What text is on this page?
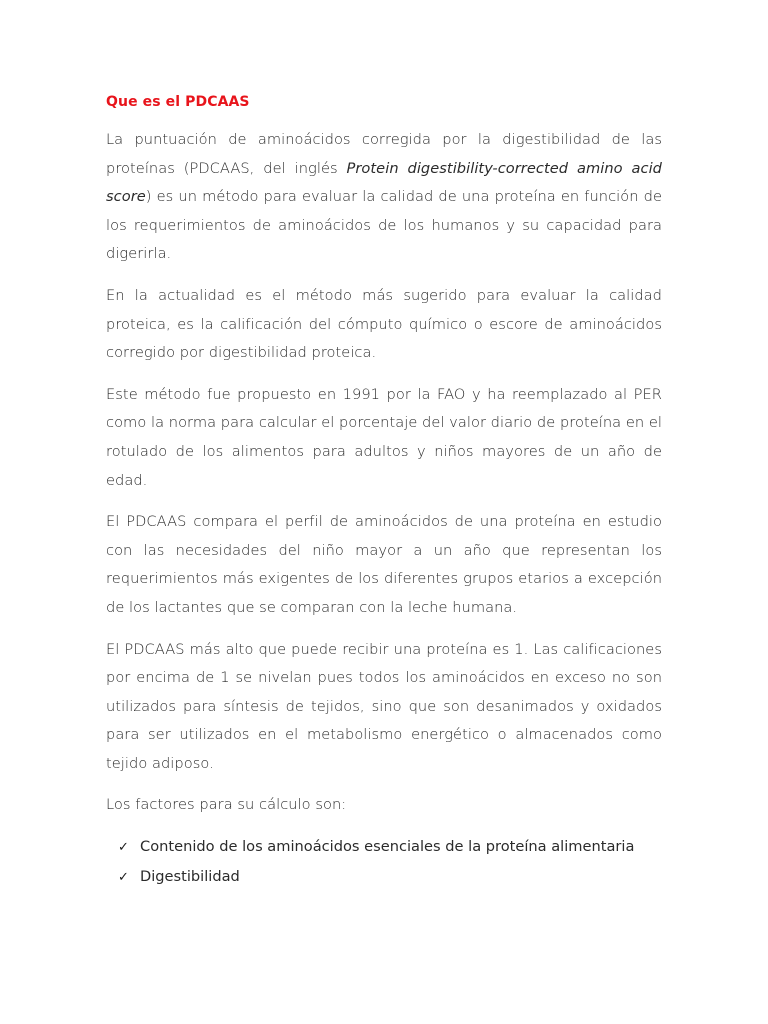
Que es el PDCAAS

La puntuación de aminoácidos corregida por la digestibilidad de las proteínas (PDCAAS, del inglés Protein digestibility-corrected amino acid score) es un método para evaluar la calidad de una proteína en función de los requerimientos de aminoácidos de los humanos y su capacidad para digerirla.

En la actualidad es el método más sugerido para evaluar la calidad proteica, es la calificación del cómputo químico o escore de aminoácidos corregido por digestibilidad proteica.

Este método fue propuesto en 1991 por la FAO y ha reemplazado al PER como la norma para calcular el porcentaje del valor diario de proteína en el rotulado de los alimentos para adultos y niños mayores de un año de edad.

El PDCAAS compara el perfil de aminoácidos de una proteína en estudio con las necesidades del niño mayor a un año que representan los requerimientos más exigentes de los diferentes grupos etarios a excepción de los lactantes que se comparan con la leche humana.

El PDCAAS más alto que puede recibir una proteína es 1. Las calificaciones por encima de 1 se nivelan pues todos los aminoácidos en exceso no son utilizados para síntesis de tejidos, sino que son desanimados y oxidados para ser utilizados en el metabolismo energético o almacenados como tejido adiposo.

Los factores para su cálculo son:

✓ Contenido de los aminoácidos esenciales de la proteína alimentaria
✓ Digestibilidad
